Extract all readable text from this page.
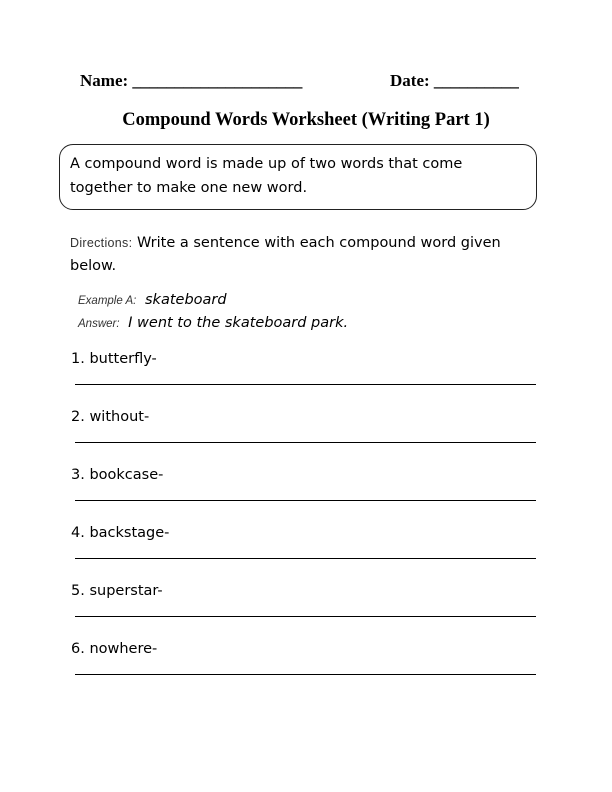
Name: ____________________	Date: __________
Compound Words Worksheet (Writing Part 1)
A compound word is made up of two words that come together to make one new word.
Directions: Write a sentence with each compound word given below.
Example A: skateboard
Answer: I went to the skateboard park.
1. butterfly-
2. without-
3. bookcase-
4. backstage-
5. superstar-
6. nowhere-
